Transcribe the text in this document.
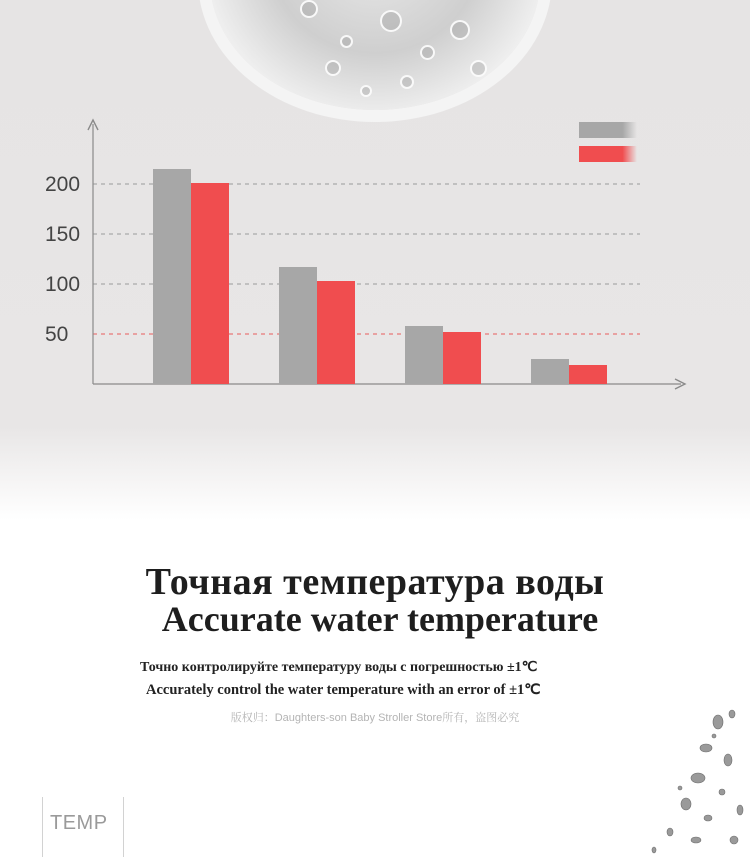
50
100
150
200
Точная температура воды
Accurate water temperature
Точно контролируйте температуру воды с погрешностью ±1℃
Accurately control the water temperature with an error of ±1℃
版权归：Daughters-son Baby Stroller Store所有，盗图必究
TEMP
